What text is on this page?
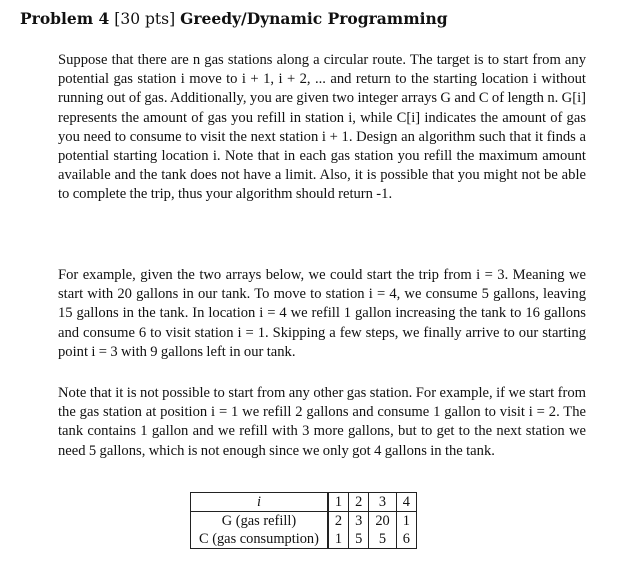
Problem 4 [30 pts] Greedy/Dynamic Programming
Suppose that there are n gas stations along a circular route. The target is to start from any potential gas station i move to i + 1, i + 2, ... and return to the starting location i without running out of gas. Additionally, you are given two integer arrays G and C of length n. G[i] represents the amount of gas you refill in station i, while C[i] indicates the amount of gas you need to consume to visit the next station i + 1. Design an algorithm such that it finds a potential starting location i. Note that in each gas station you refill the maximum amount available and the tank does not have a limit. Also, it is possible that you might not be able to complete the trip, thus your algorithm should return -1.
For example, given the two arrays below, we could start the trip from i = 3. Meaning we start with 20 gallons in our tank. To move to station i = 4, we consume 5 gallons, leaving 15 gallons in the tank. In location i = 4 we refill 1 gallon increasing the tank to 16 gallons and consume 6 to visit station i = 1. Skipping a few steps, we finally arrive to our starting point i = 3 with 9 gallons left in our tank.
Note that it is not possible to start from any other gas station. For example, if we start from the gas station at position i = 1 we refill 2 gallons and consume 1 gallon to visit i = 2. The tank contains 1 gallon and we refill with 3 more gallons, but to get to the next station we need 5 gallons, which is not enough since we only got 4 gallons in the tank.
i	1	2	3	4
G (gas refill)	2	3	20	1
C (gas consumption)	1	5	5	6
